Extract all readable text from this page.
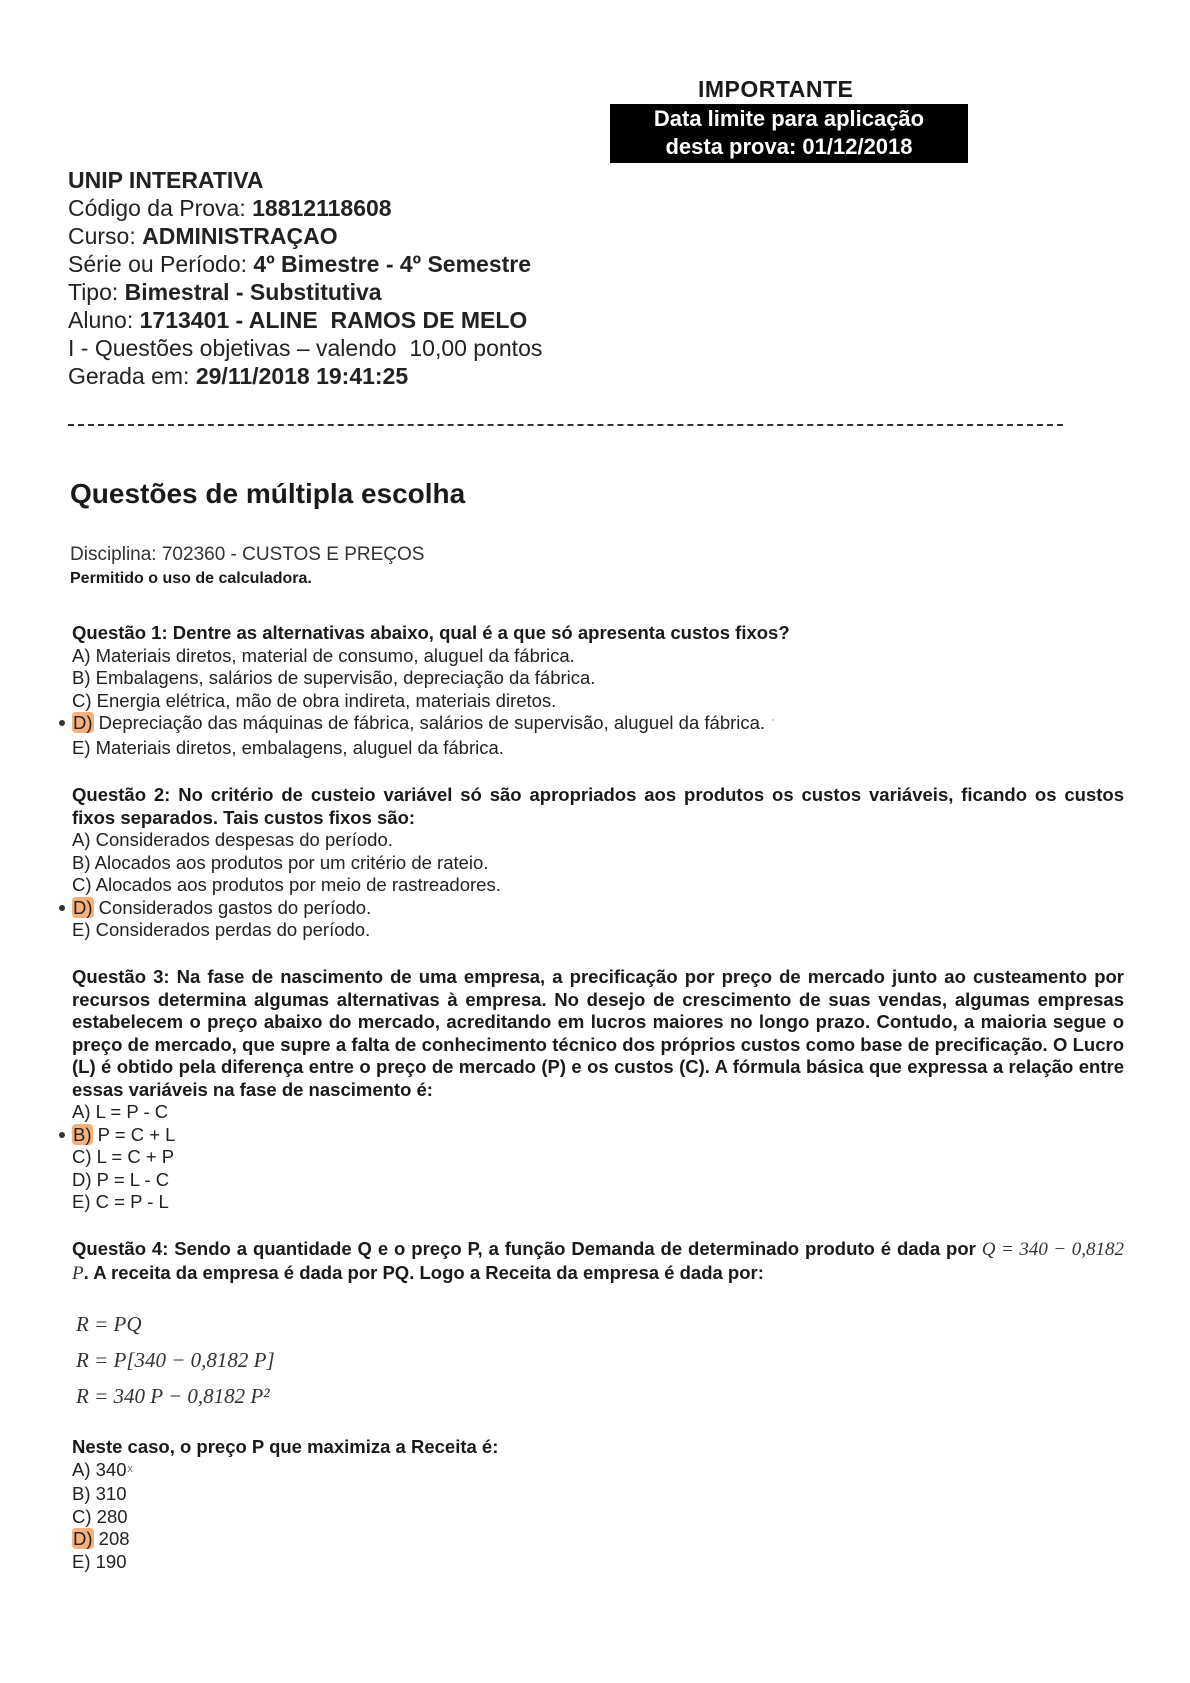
IMPORTANTE
Data limite para aplicação
desta prova: 01/12/2018
UNIP INTERATIVA
Código da Prova: 18812118608
Curso: ADMINISTRAÇAO
Série ou Período: 4º Bimestre - 4º Semestre
Tipo: Bimestral - Substitutiva
Aluno: 1713401 - ALINE  RAMOS DE MELO
I - Questões objetivas – valendo  10,00 pontos
Gerada em: 29/11/2018 19:41:25
Questões de múltipla escolha
Disciplina: 702360 - CUSTOS E PREÇOS
Permitido o uso de calculadora.
Questão 1: Dentre as alternativas abaixo, qual é a que só apresenta custos fixos?
A) Materiais diretos, material de consumo, aluguel da fábrica.
B) Embalagens, salários de supervisão, depreciação da fábrica.
C) Energia elétrica, mão de obra indireta, materiais diretos.
D) Depreciação das máquinas de fábrica, salários de supervisão, aluguel da fábrica. ˙
E) Materiais diretos, embalagens, aluguel da fábrica.
Questão 2: No critério de custeio variável só são apropriados aos produtos os custos variáveis, ficando os custos fixos separados. Tais custos fixos são:
A) Considerados despesas do período.
B) Alocados aos produtos por um critério de rateio.
C) Alocados aos produtos por meio de rastreadores.
D) Considerados gastos do período.
E) Considerados perdas do período.
Questão 3: Na fase de nascimento de uma empresa, a precificação por preço de mercado junto ao custeamento por recursos determina algumas alternativas à empresa. No desejo de crescimento de suas vendas, algumas empresas estabelecem o preço abaixo do mercado, acreditando em lucros maiores no longo prazo. Contudo, a maioria segue o preço de mercado, que supre a falta de conhecimento técnico dos próprios custos como base de precificação. O Lucro (L) é obtido pela diferença entre o preço de mercado (P) e os custos (C). A fórmula básica que expressa a relação entre essas variáveis na fase de nascimento é:
A) L = P - C
B) P = C + L
C) L = C + P
D) P = L - C
E) C = P - L
Questão 4: Sendo a quantidade Q e o preço P, a função Demanda de determinado produto é dada por Q = 340 − 0,8182 P. A receita da empresa é dada por PQ. Logo a Receita da empresa é dada por:
R = PQ
R = P[340 − 0,8182 P]
R = 340 P − 0,8182 P²
Neste caso, o preço P que maximiza a Receita é:
A) 340ˣ
B) 310
C) 280
D) 208
E) 190
